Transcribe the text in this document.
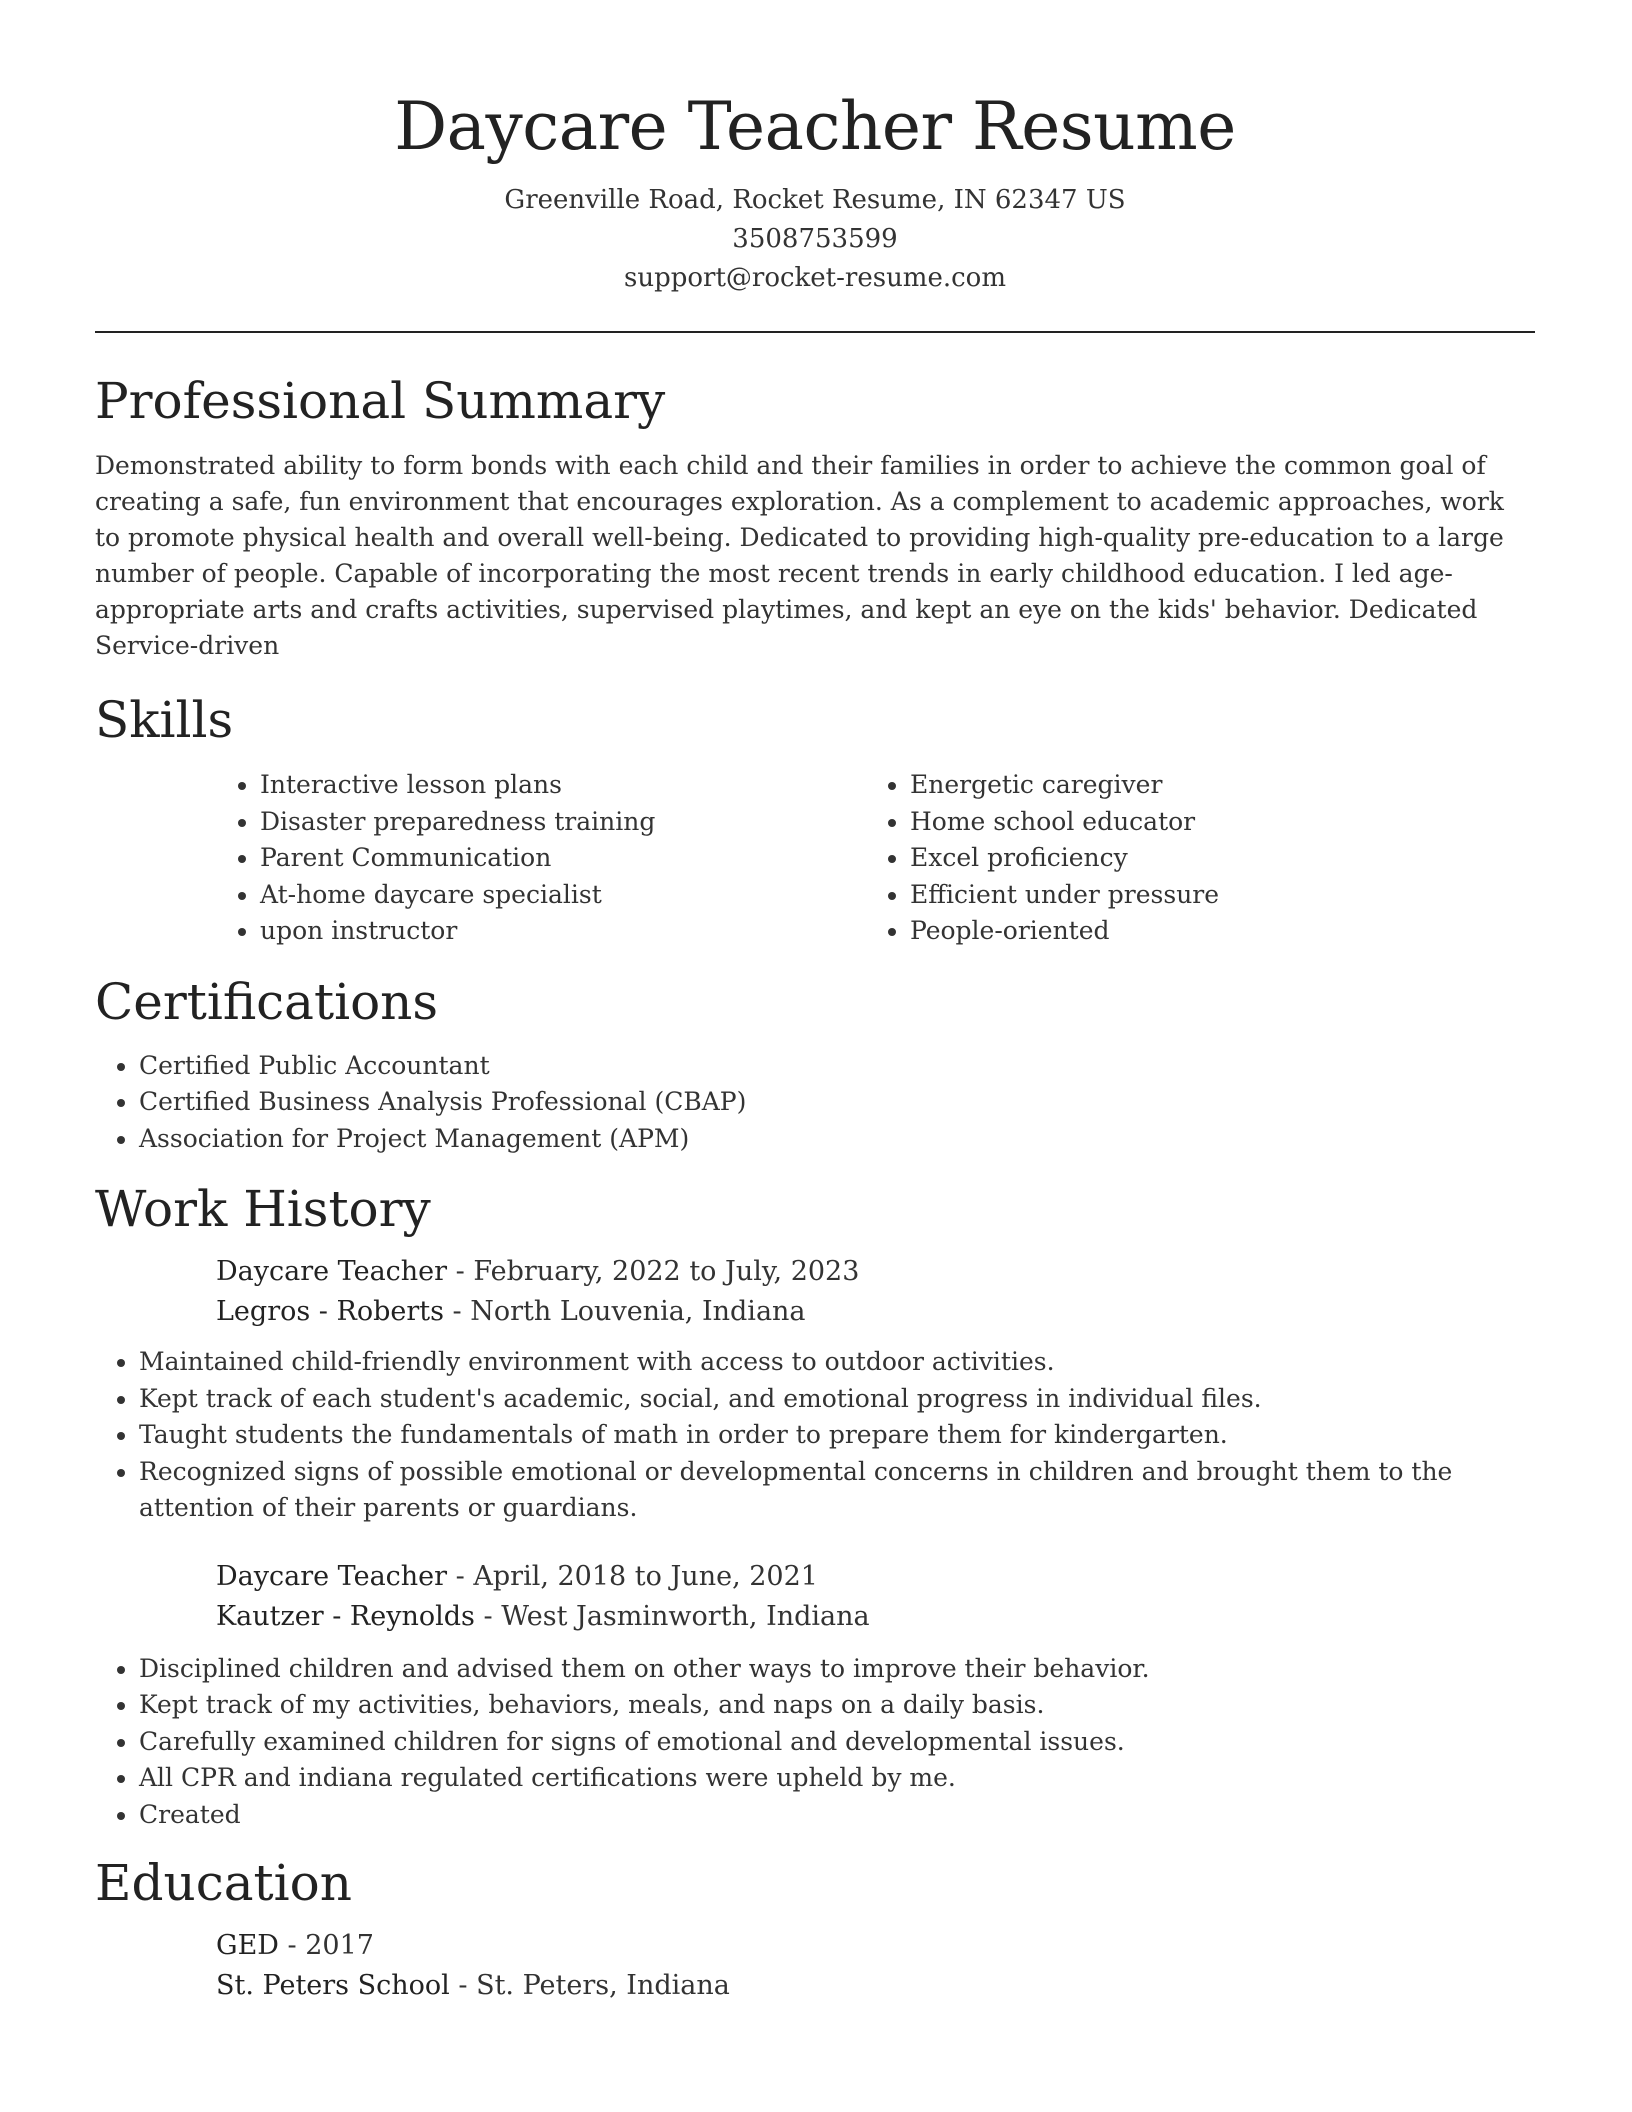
Daycare Teacher Resume
Greenville Road, Rocket Resume, IN 62347 US
3508753599
support@rocket-resume.com
Professional Summary

Demonstrated ability to form bonds with each child and their families in order to achieve the common goal of creating a safe, fun environment that encourages exploration. As a complement to academic approaches, work to promote physical health and overall well-being. Dedicated to providing high-quality pre-education to a large number of people. Capable of incorporating the most recent trends in early childhood education. I led age-appropriate arts and crafts activities, supervised playtimes, and kept an eye on the kids' behavior. Dedicated Service-driven

Skills
• Interactive lesson plans
• Disaster preparedness training
• Parent Communication
• At-home daycare specialist
• upon instructor
• Energetic caregiver
• Home school educator
• Excel proficiency
• Efficient under pressure
• People-oriented
Certifications
• Certified Public Accountant
• Certified Business Analysis Professional (CBAP)
• Association for Project Management (APM)
Work History

Daycare Teacher - February, 2022 to July, 2023

Legros - Roberts - North Louvenia, Indiana

• Maintained child-friendly environment with access to outdoor activities.
• Kept track of each student's academic, social, and emotional progress in individual files.
• Taught students the fundamentals of math in order to prepare them for kindergarten.
• Recognized signs of possible emotional or developmental concerns in children and brought them to the attention of their parents or guardians.

Daycare Teacher - April, 2018 to June, 2021

Kautzer - Reynolds - West Jasminworth, Indiana

• Disciplined children and advised them on other ways to improve their behavior.
• Kept track of my activities, behaviors, meals, and naps on a daily basis.
• Carefully examined children for signs of emotional and developmental issues.
• All CPR and indiana regulated certifications were upheld by me.
• Created
Education

GED - 2017

St. Peters School - St. Peters, Indiana
